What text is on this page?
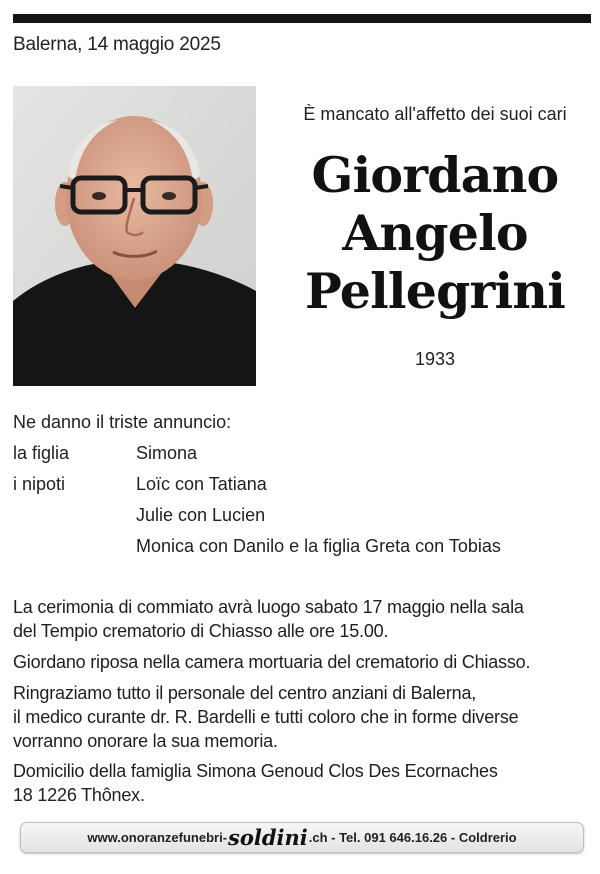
Balerna, 14 maggio 2025
È mancato all'affetto dei suoi cari
Giordano
Angelo
Pellegrini
1933
Ne danno il triste annuncio:
la figlia	Simona
i nipoti	Loïc con Tatiana
Julie con Lucien
Monica con Danilo e la figlia Greta con Tobias

La cerimonia di commiato avrà luogo sabato 17 maggio nella sala

del Tempio crematorio di Chiasso alle ore 15.00.

Giordano riposa nella camera mortuaria del crematorio di Chiasso.

Ringraziamo tutto il personale del centro anziani di Balerna,

il medico curante dr. R. Bardelli e tutti coloro che in forme diverse

vorranno onorare la sua memoria.

Domicilio della famiglia Simona Genoud Clos Des Ecornaches

18 1226 Thônex.

www.onoranzefunebri- soldini .ch - Tel. 091 646.16.26 - Coldrerio
